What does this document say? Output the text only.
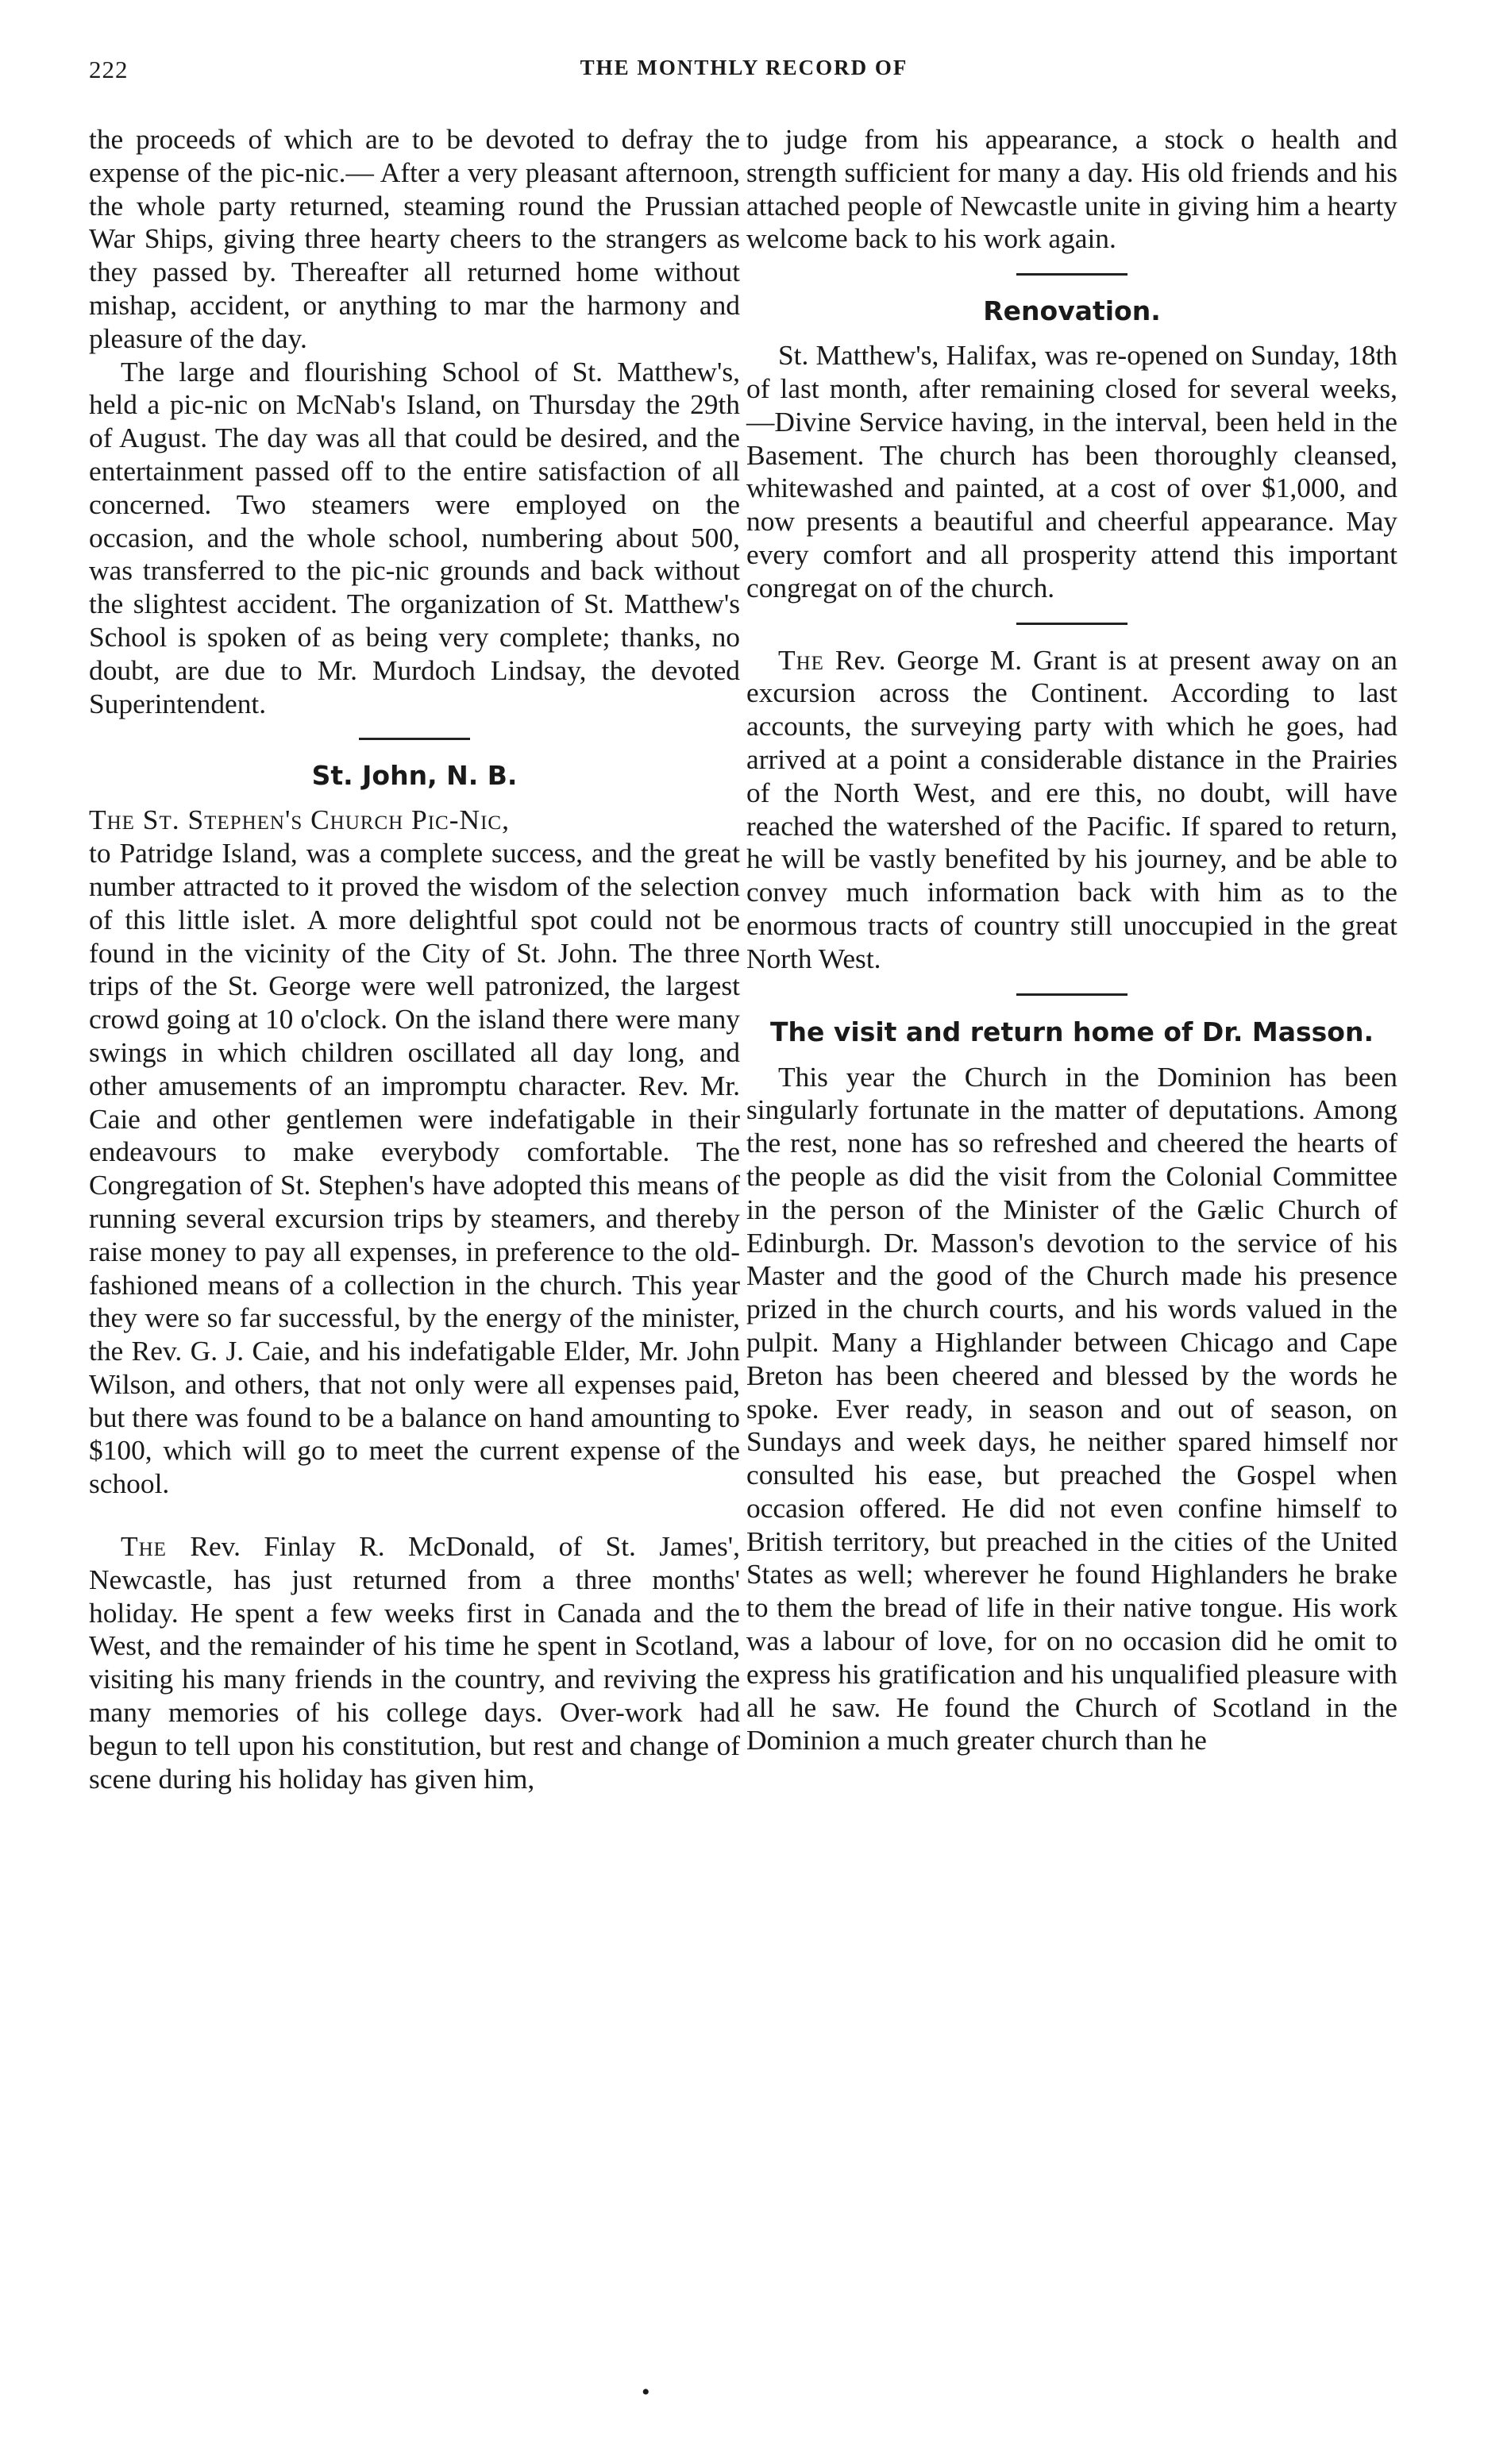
222	THE MONTHLY RECORD OF

the proceeds of which are to be devoted to defray the expense of the pic-nic.— After a very pleasant afternoon, the whole party returned, steaming round the Prussian War Ships, giving three hearty cheers to the strangers as they passed by. Thereafter all returned home without mishap, accident, or anything to mar the harmony and pleasure of the day.

The large and flourishing School of St. Matthew's, held a pic-nic on McNab's Island, on Thursday the 29th of August. The day was all that could be desired, and the entertainment passed off to the entire satisfaction of all concerned. Two steamers were employed on the occasion, and the whole school, numbering about 500, was transferred to the pic-nic grounds and back without the slightest accident. The organization of St. Matthew's School is spoken of as being very complete; thanks, no doubt, are due to Mr. Murdoch Lindsay, the devoted Superintendent.

St. John, N. B.

The St. Stephen's Church Pic-Nic,

to Patridge Island, was a complete success, and the great number attracted to it proved the wisdom of the selection of this little islet. A more delightful spot could not be found in the vicinity of the City of St. John. The three trips of the St. George were well patronized, the largest crowd going at 10 o'clock. On the island there were many swings in which children oscillated all day long, and other amusements of an impromptu character. Rev. Mr. Caie and other gentlemen were indefatigable in their endeavours to make everybody comfortable. The Congregation of St. Stephen's have adopted this means of running several excursion trips by steamers, and thereby raise money to pay all expenses, in preference to the old-fashioned means of a collection in the church. This year they were so far successful, by the energy of the minister, the Rev. G. J. Caie, and his indefatigable Elder, Mr. John Wilson, and others, that not only were all expenses paid, but there was found to be a balance on hand amounting to $100, which will go to meet the current expense of the school.

The Rev. Finlay R. McDonald, of St. James', Newcastle, has just returned from a three months' holiday. He spent a few weeks first in Canada and the West, and the remainder of his time he spent in Scotland, visiting his many friends in the country, and reviving the many memories of his college days. Over-work had begun to tell upon his constitution, but rest and change of scene during his holiday has given him,

to judge from his appearance, a stock o health and strength sufficient for many a day. His old friends and his attached people of Newcastle unite in giving him a hearty welcome back to his work again.

Renovation.

St. Matthew's, Halifax, was re-opened on Sunday, 18th of last month, after remaining closed for several weeks,—Divine Service having, in the interval, been held in the Basement. The church has been thoroughly cleansed, whitewashed and painted, at a cost of over $1,000, and now presents a beautiful and cheerful appearance. May every comfort and all prosperity attend this important congregat on of the church.

The Rev. George M. Grant is at present away on an excursion across the Continent. According to last accounts, the surveying party with which he goes, had arrived at a point a considerable distance in the Prairies of the North West, and ere this, no doubt, will have reached the watershed of the Pacific. If spared to return, he will be vastly benefited by his journey, and be able to convey much information back with him as to the enormous tracts of country still unoccupied in the great North West.

The visit and return home of Dr. Masson.

This year the Church in the Dominion has been singularly fortunate in the matter of deputations. Among the rest, none has so refreshed and cheered the hearts of the people as did the visit from the Colonial Committee in the person of the Minister of the Gælic Church of Edinburgh. Dr. Masson's devotion to the service of his Master and the good of the Church made his presence prized in the church courts, and his words valued in the pulpit. Many a Highlander between Chicago and Cape Breton has been cheered and blessed by the words he spoke. Ever ready, in season and out of season, on Sundays and week days, he neither spared himself nor consulted his ease, but preached the Gospel when occasion offered. He did not even confine himself to British territory, but preached in the cities of the United States as well; wherever he found Highlanders he brake to them the bread of life in their native tongue. His work was a labour of love, for on no occasion did he omit to express his gratification and his unqualified pleasure with all he saw. He found the Church of Scotland in the Dominion a much greater church than he

•
